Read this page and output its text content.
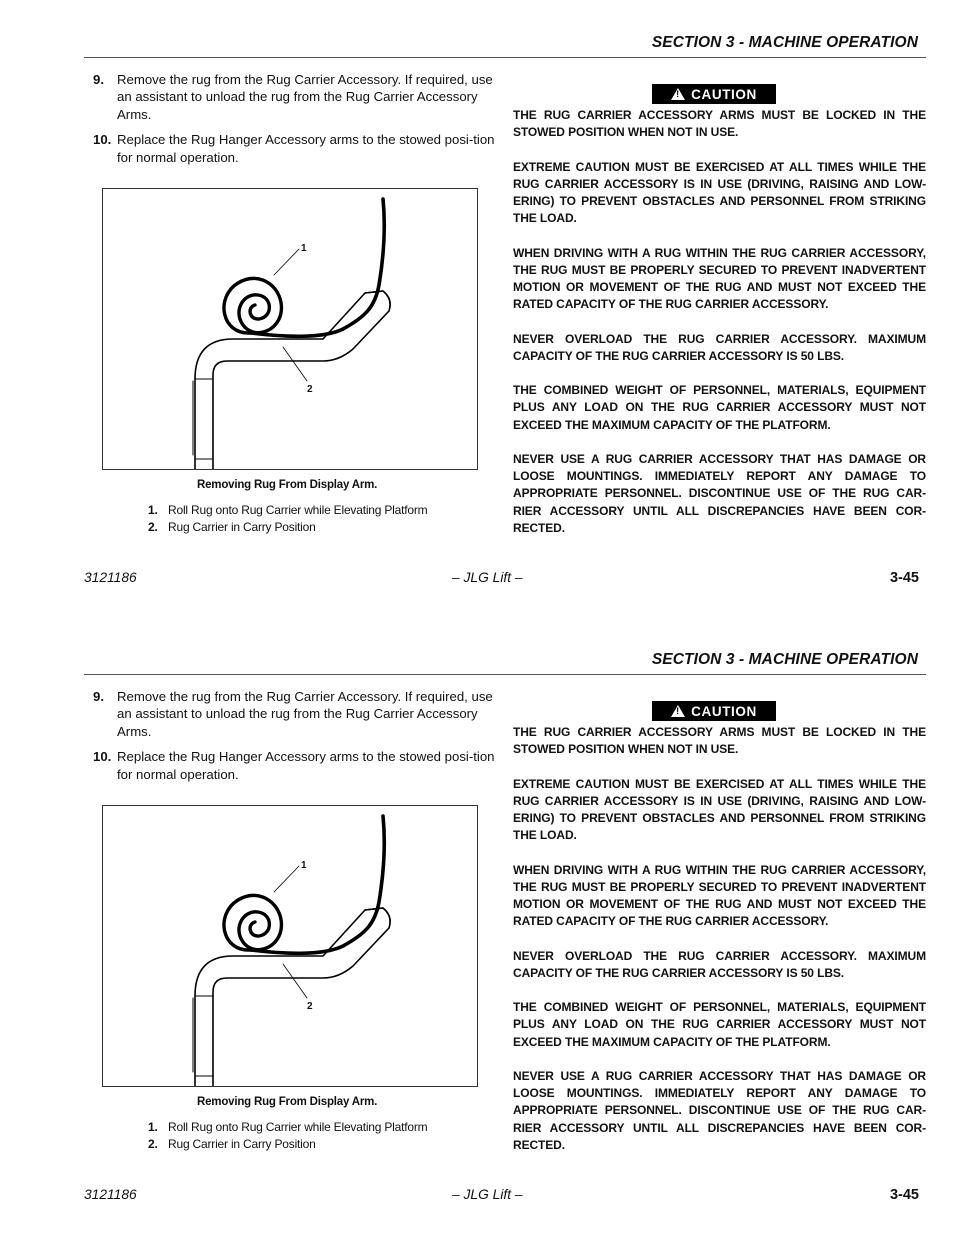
SECTION 3 - MACHINE OPERATION
9. Remove the rug from the Rug Carrier Accessory. If required, use an assistant to unload the rug from the Rug Carrier Accessory Arms.
10. Replace the Rug Hanger Accessory arms to the stowed posi-tion for normal operation.
1
2
Removing Rug From Display Arm.
1. Roll Rug onto Rug Carrier while Elevating Platform
2. Rug Carrier in Carry Position
! CAUTION

THE RUG CARRIER ACCESSORY ARMS MUST BE LOCKED IN THE STOWED POSITION WHEN NOT IN USE.

EXTREME CAUTION MUST BE EXERCISED AT ALL TIMES WHILE THE RUG CARRIER ACCESSORY IS IN USE (DRIVING, RAISING AND LOW-ERING) TO PREVENT OBSTACLES AND PERSONNEL FROM STRIKING THE LOAD.

WHEN DRIVING WITH A RUG WITHIN THE RUG CARRIER ACCESSORY, THE RUG MUST BE PROPERLY SECURED TO PREVENT INADVERTENT MOTION OR MOVEMENT OF THE RUG AND MUST NOT EXCEED THE RATED CAPACITY OF THE RUG CARRIER ACCESSORY.

NEVER OVERLOAD THE RUG CARRIER ACCESSORY. MAXIMUM CAPACITY OF THE RUG CARRIER ACCESSORY IS 50 LBS.

THE COMBINED WEIGHT OF PERSONNEL, MATERIALS, EQUIPMENT PLUS ANY LOAD ON THE RUG CARRIER ACCESSORY MUST NOT EXCEED THE MAXIMUM CAPACITY OF THE PLATFORM.

NEVER USE A RUG CARRIER ACCESSORY THAT HAS DAMAGE OR LOOSE MOUNTINGS. IMMEDIATELY REPORT ANY DAMAGE TO APPROPRIATE PERSONNEL. DISCONTINUE USE OF THE RUG CAR-RIER ACCESSORY UNTIL ALL DISCREPANCIES HAVE BEEN COR-RECTED.

3121186	– JLG Lift –	3-45
SECTION 3 - MACHINE OPERATION
9. Remove the rug from the Rug Carrier Accessory. If required, use an assistant to unload the rug from the Rug Carrier Accessory Arms.
10. Replace the Rug Hanger Accessory arms to the stowed posi-tion for normal operation.
1
2
Removing Rug From Display Arm.
1. Roll Rug onto Rug Carrier while Elevating Platform
2. Rug Carrier in Carry Position
! CAUTION

THE RUG CARRIER ACCESSORY ARMS MUST BE LOCKED IN THE STOWED POSITION WHEN NOT IN USE.

EXTREME CAUTION MUST BE EXERCISED AT ALL TIMES WHILE THE RUG CARRIER ACCESSORY IS IN USE (DRIVING, RAISING AND LOW-ERING) TO PREVENT OBSTACLES AND PERSONNEL FROM STRIKING THE LOAD.

WHEN DRIVING WITH A RUG WITHIN THE RUG CARRIER ACCESSORY, THE RUG MUST BE PROPERLY SECURED TO PREVENT INADVERTENT MOTION OR MOVEMENT OF THE RUG AND MUST NOT EXCEED THE RATED CAPACITY OF THE RUG CARRIER ACCESSORY.

NEVER OVERLOAD THE RUG CARRIER ACCESSORY. MAXIMUM CAPACITY OF THE RUG CARRIER ACCESSORY IS 50 LBS.

THE COMBINED WEIGHT OF PERSONNEL, MATERIALS, EQUIPMENT PLUS ANY LOAD ON THE RUG CARRIER ACCESSORY MUST NOT EXCEED THE MAXIMUM CAPACITY OF THE PLATFORM.

NEVER USE A RUG CARRIER ACCESSORY THAT HAS DAMAGE OR LOOSE MOUNTINGS. IMMEDIATELY REPORT ANY DAMAGE TO APPROPRIATE PERSONNEL. DISCONTINUE USE OF THE RUG CAR-RIER ACCESSORY UNTIL ALL DISCREPANCIES HAVE BEEN COR-RECTED.

3121186	– JLG Lift –	3-45
